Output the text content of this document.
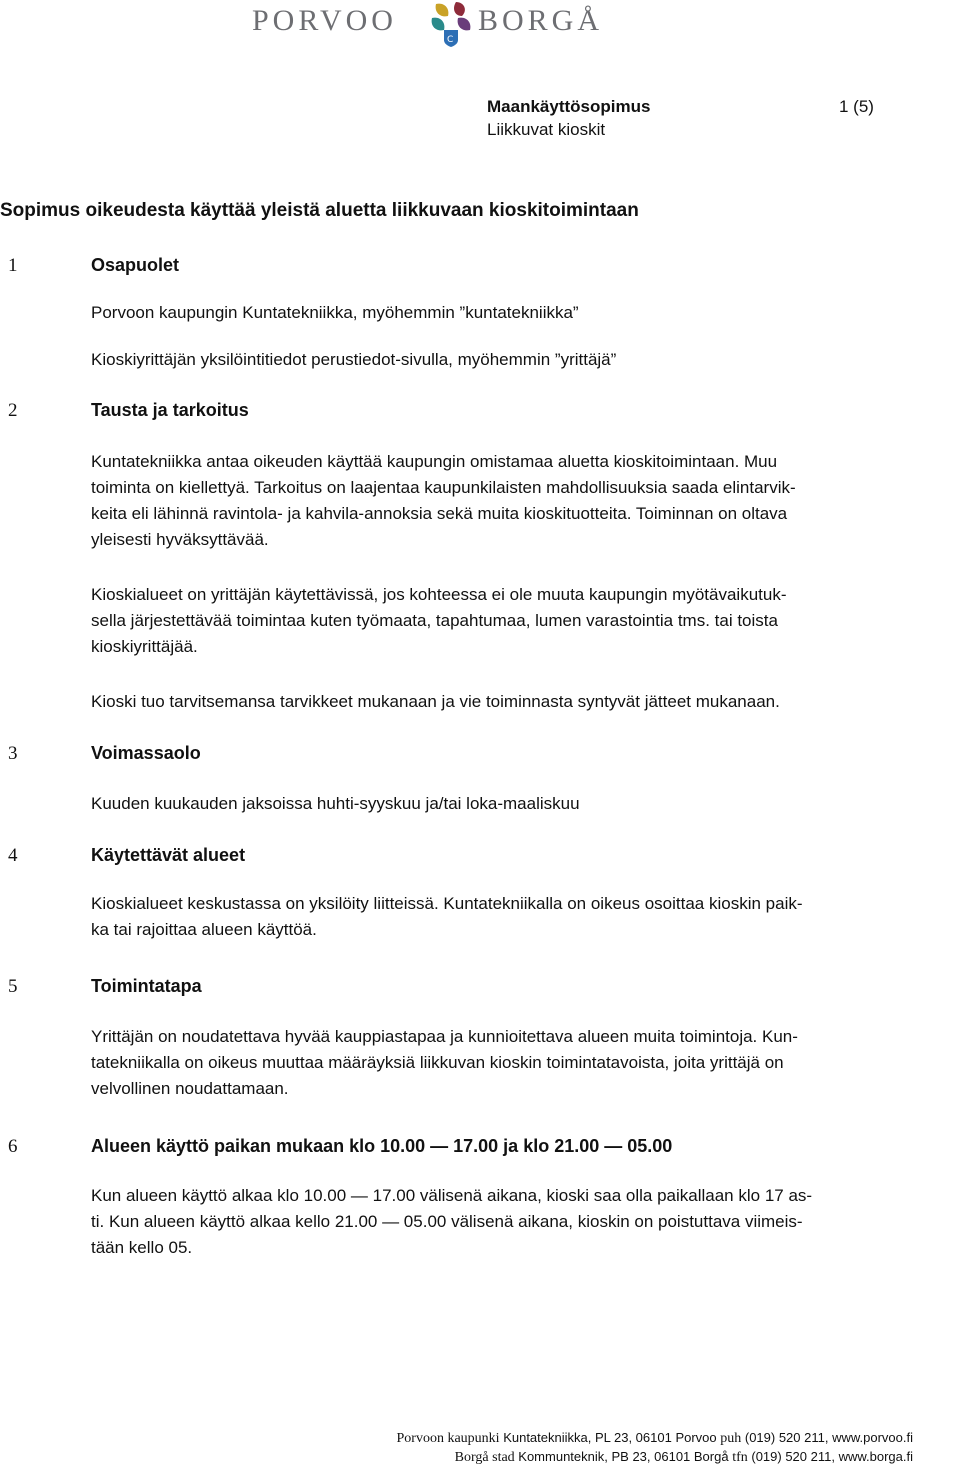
PORVOO
C
BORGÅ
Maankäyttösopimus
Liikkuvat kioskit
1 (5)
Sopimus oikeudesta käyttää yleistä aluetta liikkuvaan kioskitoimintaan
1	Osapuolet
Porvoon kaupungin Kuntatekniikka, myöhemmin ”kuntatekniikka”
Kioskiyrittäjän yksilöintitiedot perustiedot-sivulla, myöhemmin ”yrittäjä”
2	Tausta ja tarkoitus
Kuntatekniikka antaa oikeuden käyttää kaupungin omistamaa aluetta kioskitoimintaan. Muu
toiminta on kiellettyä. Tarkoitus on laajentaa kaupunkilaisten mahdollisuuksia saada elintarvik-
keita eli lähinnä ravintola- ja kahvila-annoksia sekä muita kioskituotteita. Toiminnan on oltava
yleisesti hyväksyttävää.
Kioskialueet on yrittäjän käytettävissä, jos kohteessa ei ole muuta kaupungin myötävaikutuk-
sella järjestettävää toimintaa kuten työmaata, tapahtumaa, lumen varastointia tms. tai toista
kioskiyrittäjää.
Kioski tuo tarvitsemansa tarvikkeet mukanaan ja vie toiminnasta syntyvät jätteet mukanaan.
3	Voimassaolo
Kuuden kuukauden jaksoissa huhti-syyskuu ja/tai loka-maaliskuu
4	Käytettävät alueet
Kioskialueet keskustassa on yksilöity liitteissä. Kuntatekniikalla on oikeus osoittaa kioskin paik-
ka tai rajoittaa alueen käyttöä.
5	Toimintatapa
Yrittäjän on noudatettava hyvää kauppiastapaa ja kunnioitettava alueen muita toimintoja. Kun-
tatekniikalla on oikeus muuttaa määräyksiä liikkuvan kioskin toimintatavoista, joita yrittäjä on
velvollinen noudattamaan.
6	Alueen käyttö paikan mukaan klo 10.00 — 17.00 ja klo 21.00 — 05.00
Kun alueen käyttö alkaa klo 10.00 — 17.00 välisenä aikana, kioski saa olla paikallaan klo 17 as-
ti. Kun alueen käyttö alkaa kello 21.00 — 05.00 välisenä aikana, kioskin on poistuttava viimeis-
tään kello 05.
Porvoon kaupunki Kuntatekniikka, PL 23, 06101 Porvoo puh (019) 520 211, www.porvoo.fi
Borgå stad Kommunteknik, PB 23, 06101 Borgå tfn (019) 520 211, www.borga.fi
